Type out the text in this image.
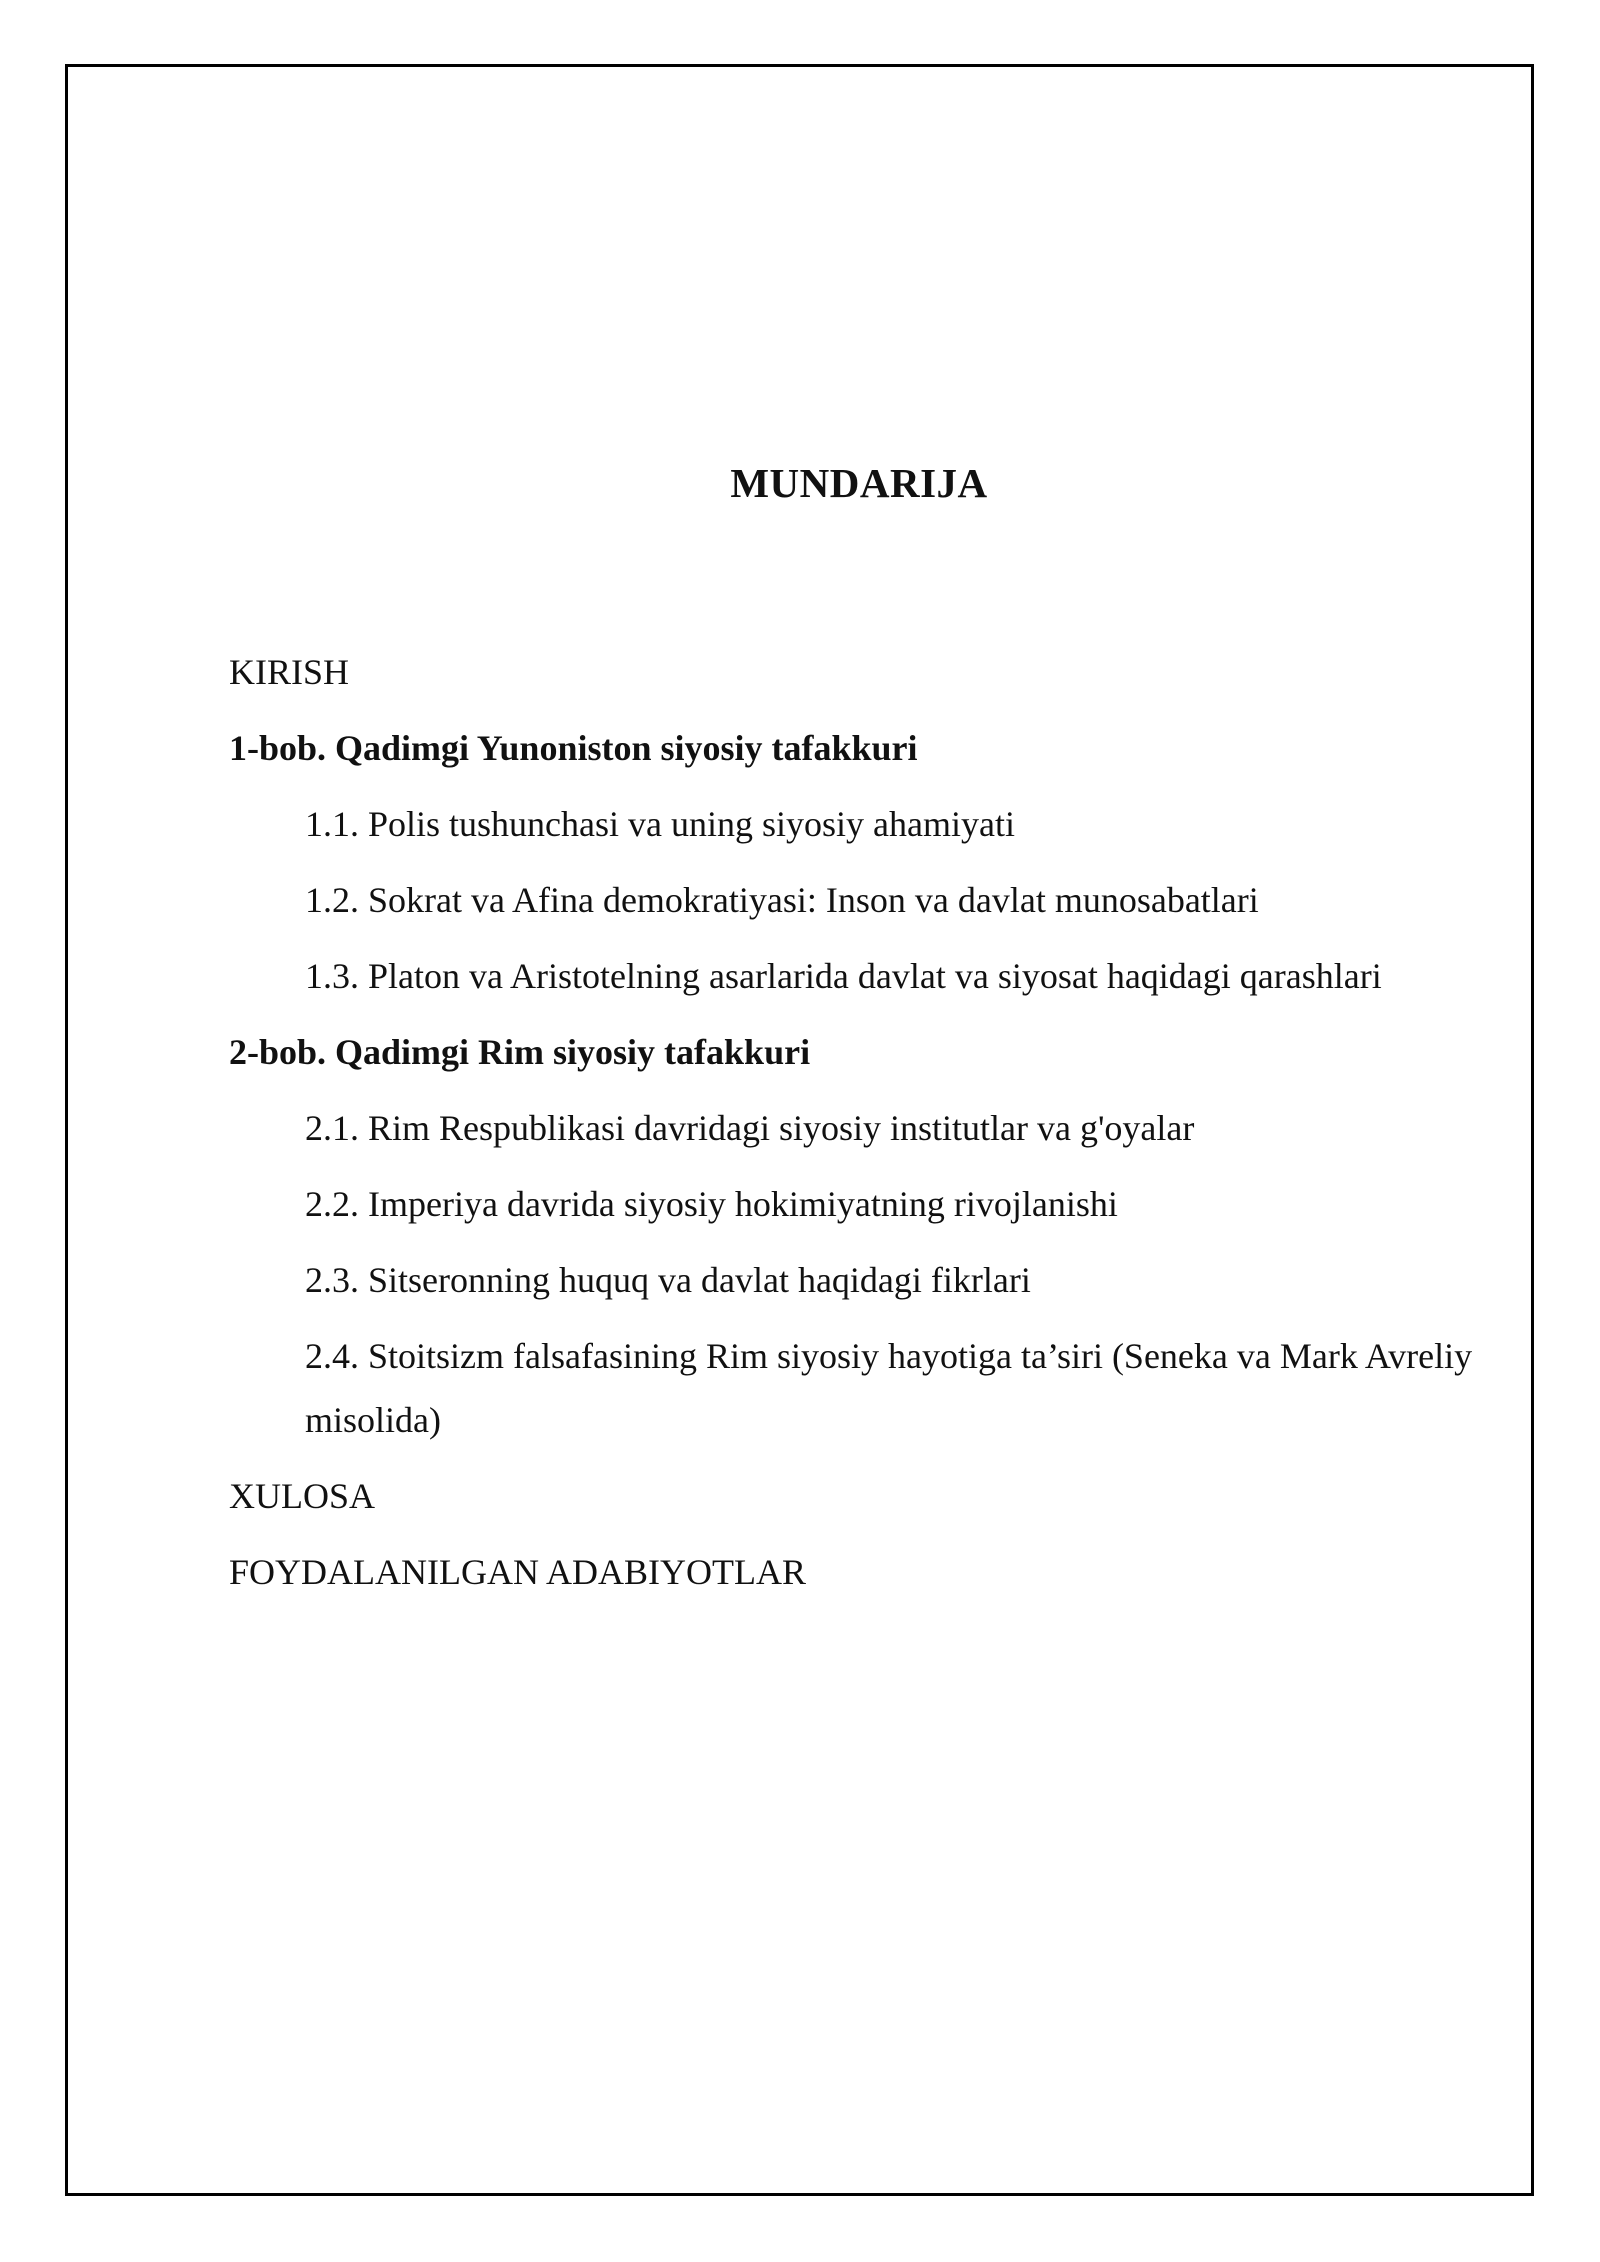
MUNDARIJA
KIRISH
1-bob. Qadimgi Yunoniston siyosiy tafakkuri
1.1. Polis tushunchasi va uning siyosiy ahamiyati
1.2. Sokrat va Afina demokratiyasi: Inson va davlat munosabatlari
1.3. Platon va Aristotelning asarlarida davlat va siyosat haqidagi qarashlari
2-bob. Qadimgi Rim siyosiy tafakkuri
2.1. Rim Respublikasi davridagi siyosiy institutlar va g'oyalar
2.2. Imperiya davrida siyosiy hokimiyatning rivojlanishi
2.3. Sitseronning huquq va davlat haqidagi fikrlari
2.4. Stoitsizm falsafasining Rim siyosiy hayotiga ta’siri (Seneka va Mark Avreliy misolida)
XULOSA
FOYDALANILGAN ADABIYOTLAR
